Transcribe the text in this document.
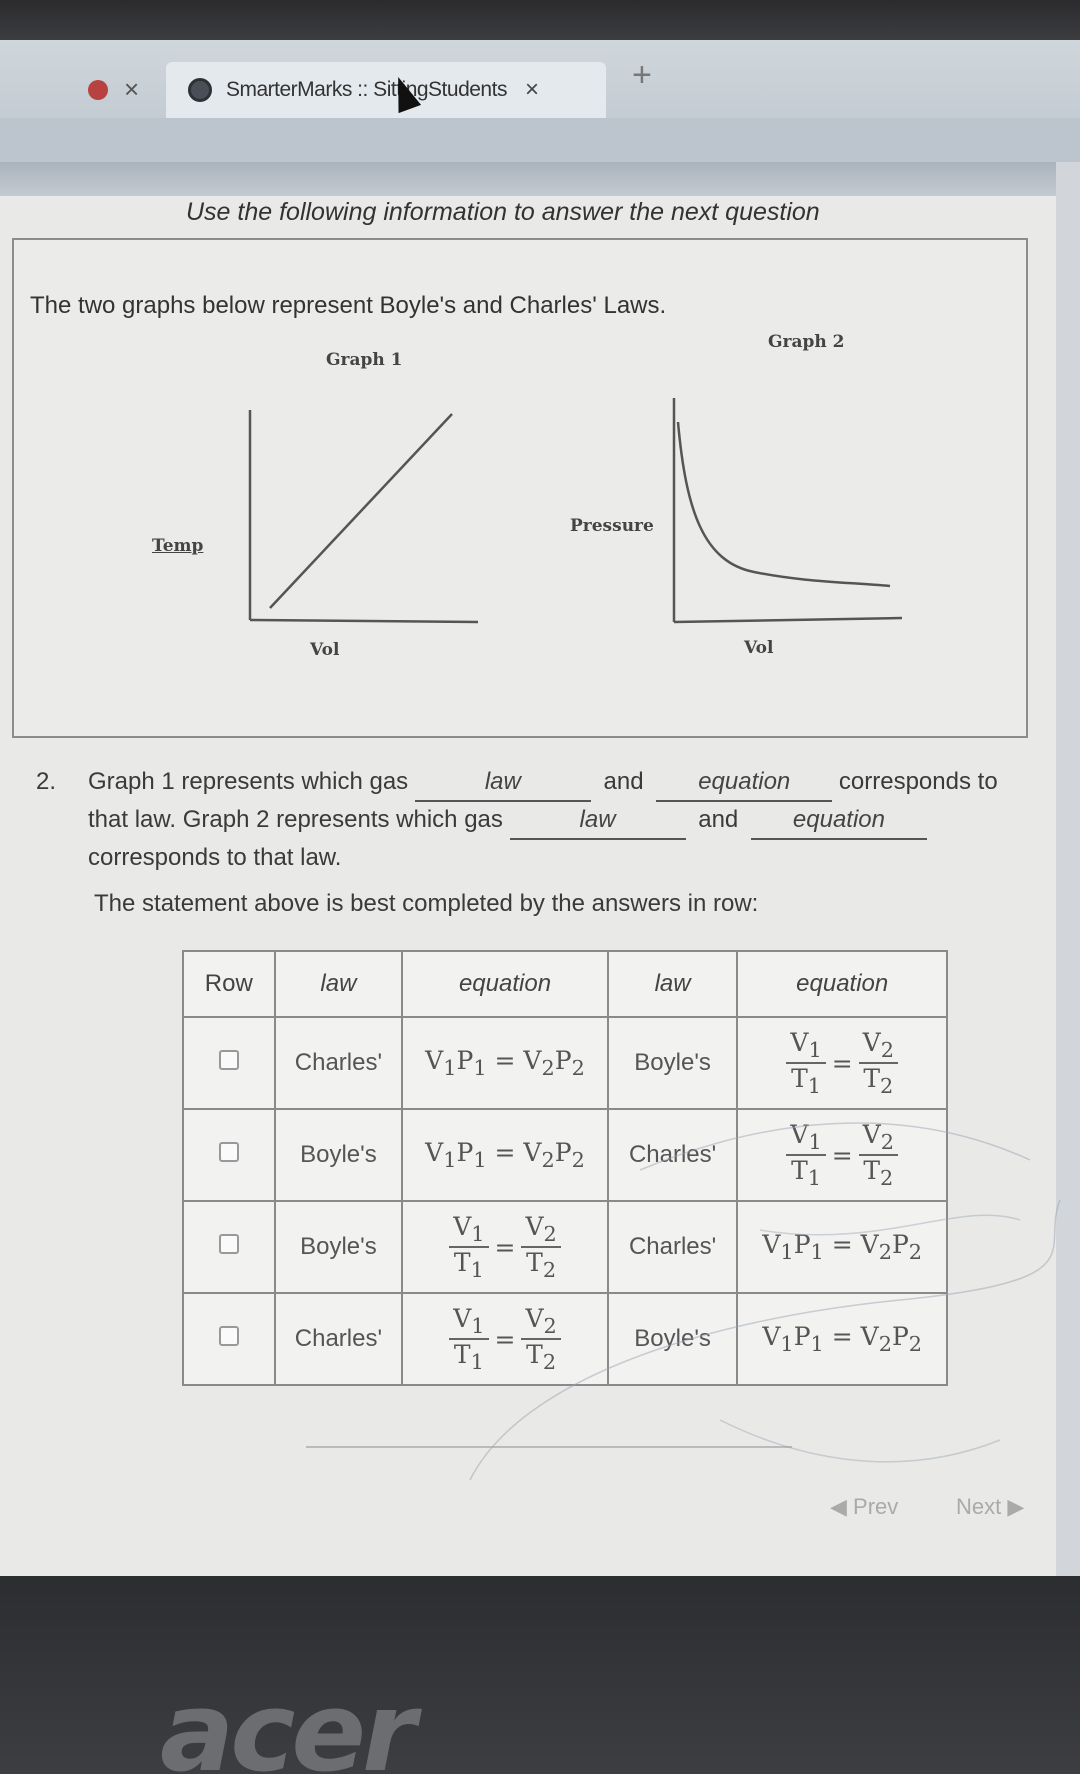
×	SmarterMarks :: SittingStudents ×	+
Use the following information to answer the next question
The two graphs below represent Boyle's and Charles' Laws.
Graph 1
Temp
Vol
Graph 2
Pressure
Vol
2. Graph 1 represents which gas	law	and equation corresponds to that law. Graph 2 represents which gas	law	and equation corresponds to that law.
The statement above is best completed by the answers in row:
Row	law	equation	law	equation
	Charles'	$V_1P_1 = V_2P_2$	Boyle's	$\frac{V_1}{T_1} = \frac{V_2}{T_2}$

	Boyle's	$V_1P_1 = V_2P_2$	Charles'	$\frac{V_1}{T_1} = \frac{V_2}{T_2}$

	Boyle's	$\frac{V_1}{T_1} = \frac{V_2}{T_2}$	Charles'	$V_1P_1 = V_2P_2$
	Charles'	$\frac{V_1}{T_1} = \frac{V_2}{T_2}$	Boyle's	$V_1P_1 = V_2P_2$
◀ Prev	Next ▶
acer
